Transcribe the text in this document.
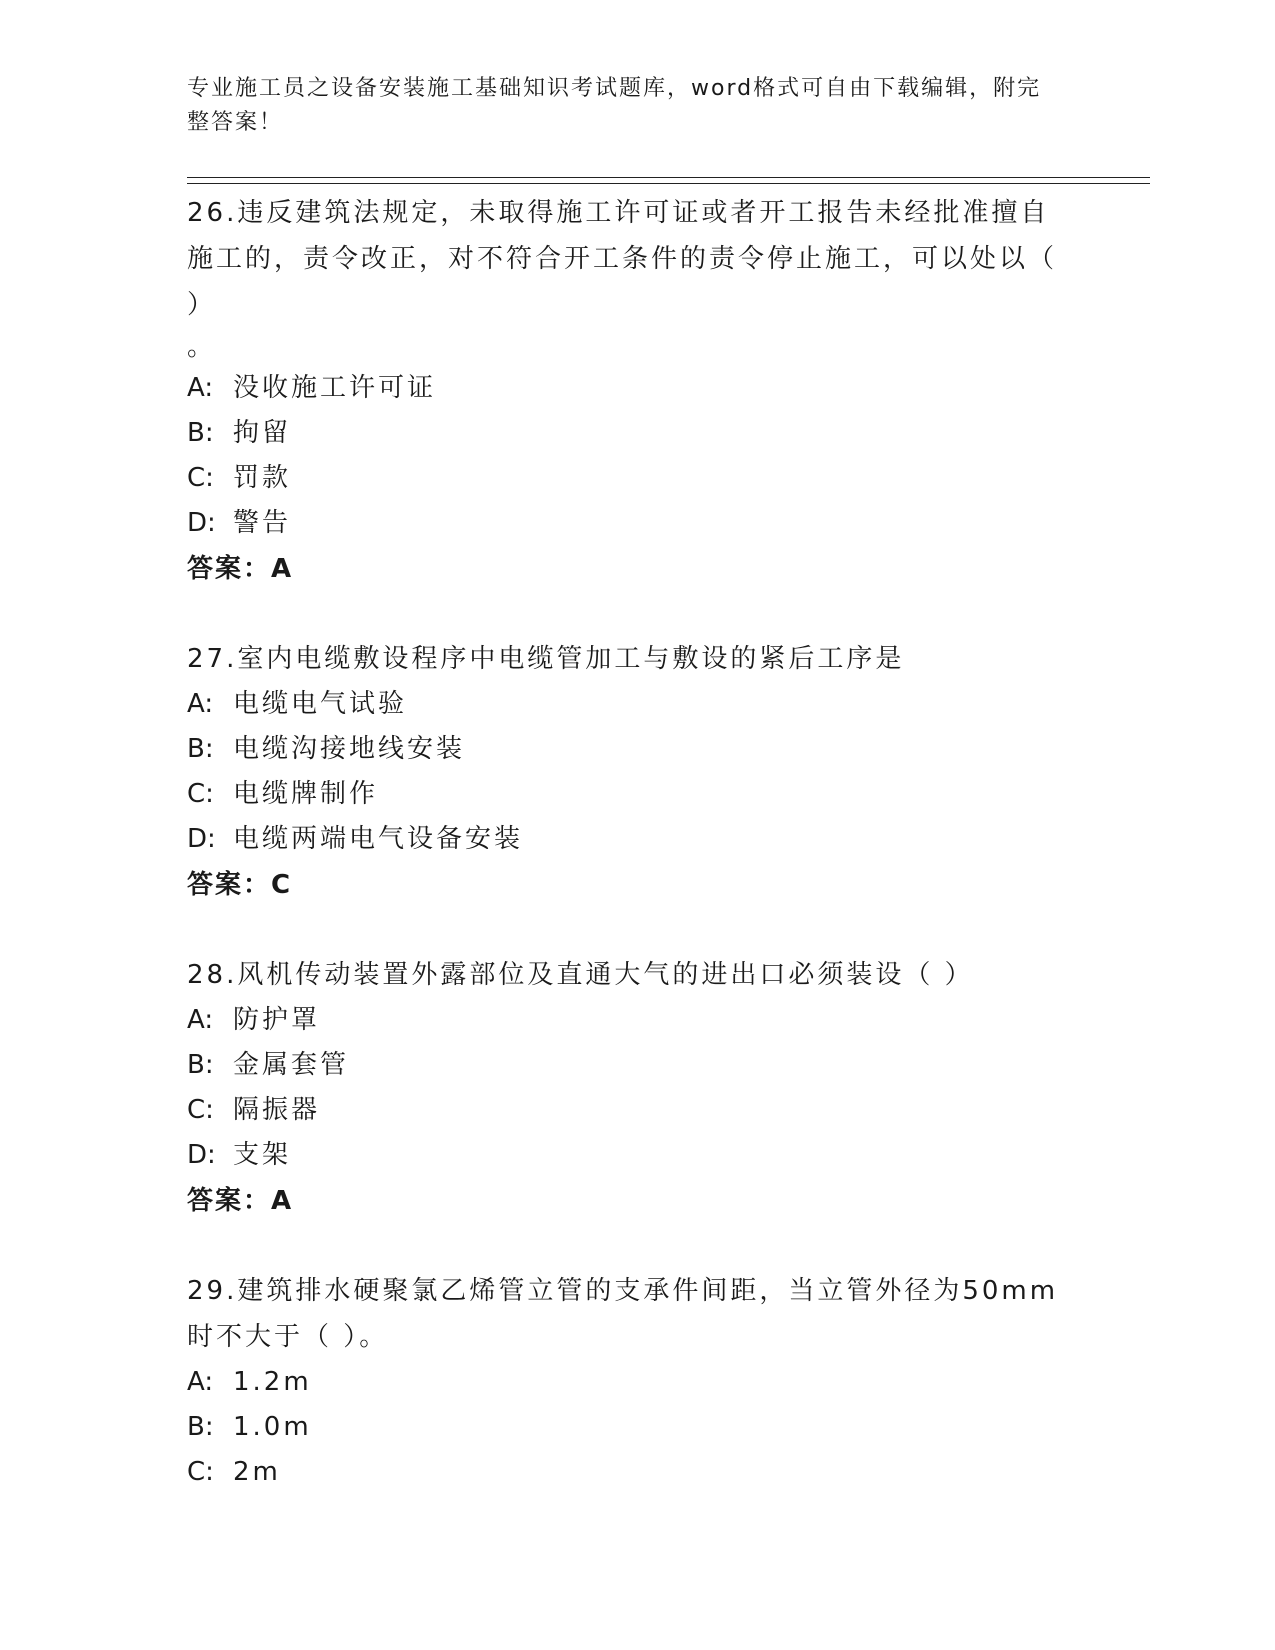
专业施工员之设备安装施工基础知识考试题库，word格式可自由下载编辑，附完
整答案！
26.违反建筑法规定，未取得施工许可证或者开工报告未经批准擅自施工的，责令改正，对不符合开工条件的责令停止施工，可以处以（ ）
。
A: 没收施工许可证
B: 拘留
C: 罚款
D: 警告
答案：A
27.室内电缆敷设程序中电缆管加工与敷设的紧后工序是
A: 电缆电气试验
B: 电缆沟接地线安装
C: 电缆牌制作
D: 电缆两端电气设备安装
答案：C
28.风机传动装置外露部位及直通大气的进出口必须装设（ ）
A: 防护罩
B: 金属套管
C: 隔振器
D: 支架
答案：A
29.建筑排水硬聚氯乙烯管立管的支承件间距，当立管外径为50mm时不大于（ ）。
A: 1.2m
B: 1.0m
C: 2m
